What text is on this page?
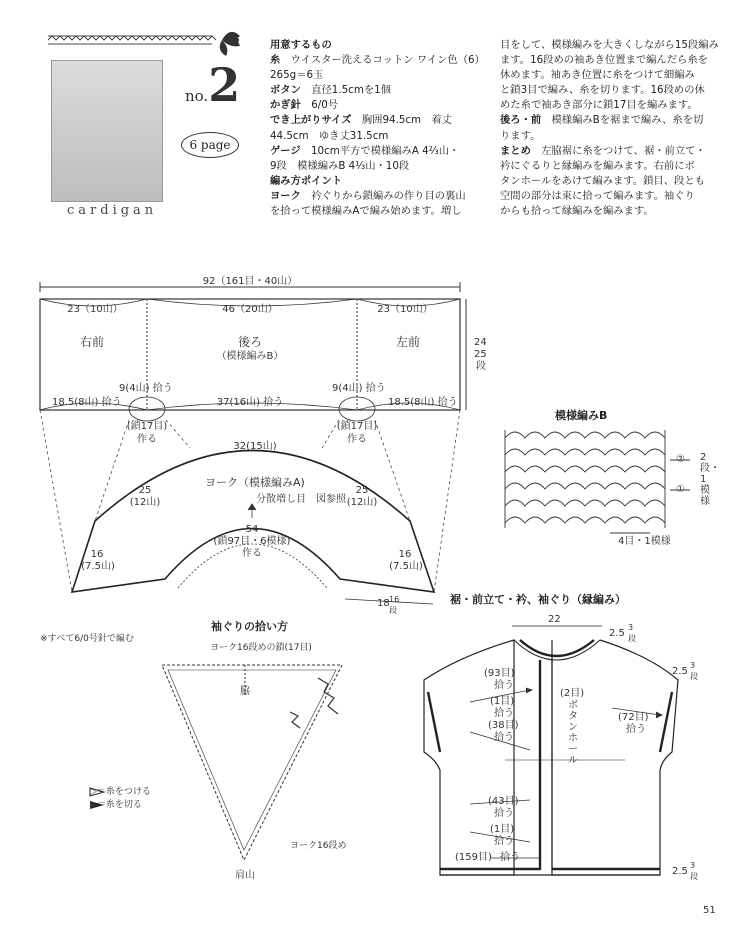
no.2
6 page
cardigan
用意するもの
糸　 ウイスター洗えるコットン ワイン色（6）
265g＝6玉
ボタン　 直径1.5cmを1個
かぎ針　 6/0号
でき上がりサイズ　 胸囲94.5cm　着丈
44.5cm　ゆき丈31.5cm
ゲージ　 10cm平方で模様編みA 4⅔山・
9段　模様編みB 4⅓山・10段
編み方ポイント　
ヨーク　 衿ぐりから鎖編みの作り目の裏山
を拾って模様編みAで編み始めます。増し
目をして、模様編みを大きくしながら15段編み
ます。16段めの袖あき位置まで編んだら糸を
休めます。袖あき位置に糸をつけて細編み
と鎖3目で編み、糸を切ります。16段めの休
めた糸で袖あき部分に鎖17目を編みます。
後ろ・前　 模様編みBを裾まで編み、糸を切
ります。
まとめ　 左脇裾に糸をつけて、裾・前立て・
衿にぐるりと縁編みを編みます。右前にボ
タンホールをあけて編みます。鎖目、段とも
空間の部分は束に拾って編みます。袖ぐり
からも拾って縁編みを編みます。
92（161目・40山）
23（10山）	46（20山）	23（10山）
右前	後ろ
（模様編みB）
左前	24
25
段
9(4山) 拾う	9(4山) 拾う
18.5(8山) 拾う	37(16山) 拾う	18.5(8山) 拾う
(鎖17目)
作る
(鎖17目)
作る
32(15山)
ヨーク（模様編みA)
分散増し目　図参照
25
(12山)
25
(12山)
16
(7.5山)
16
(7.5山)
54
(鎖97目・6模様)
作る
18 16
段
模様編みB
②
①
2段・1模様
4目・1模様
※すべて6/0号針で編む
袖ぐりの拾い方
ヨーク16段めの鎖(17目)
脇
ヨーク16段め
肩山
▷＝糸をつける
▶＝糸を切る
裾・前立て・衿、袖ぐり（縁編み）
22
2.5
3
段
(93目)
拾う
(1目)
拾う
(38目)
拾う
(2目)
ボタンホール
(72目)
拾う
2.5
3
段
(43目)
拾う
(1目)
拾う
(159目) 拾う
2.5
3
段
51
